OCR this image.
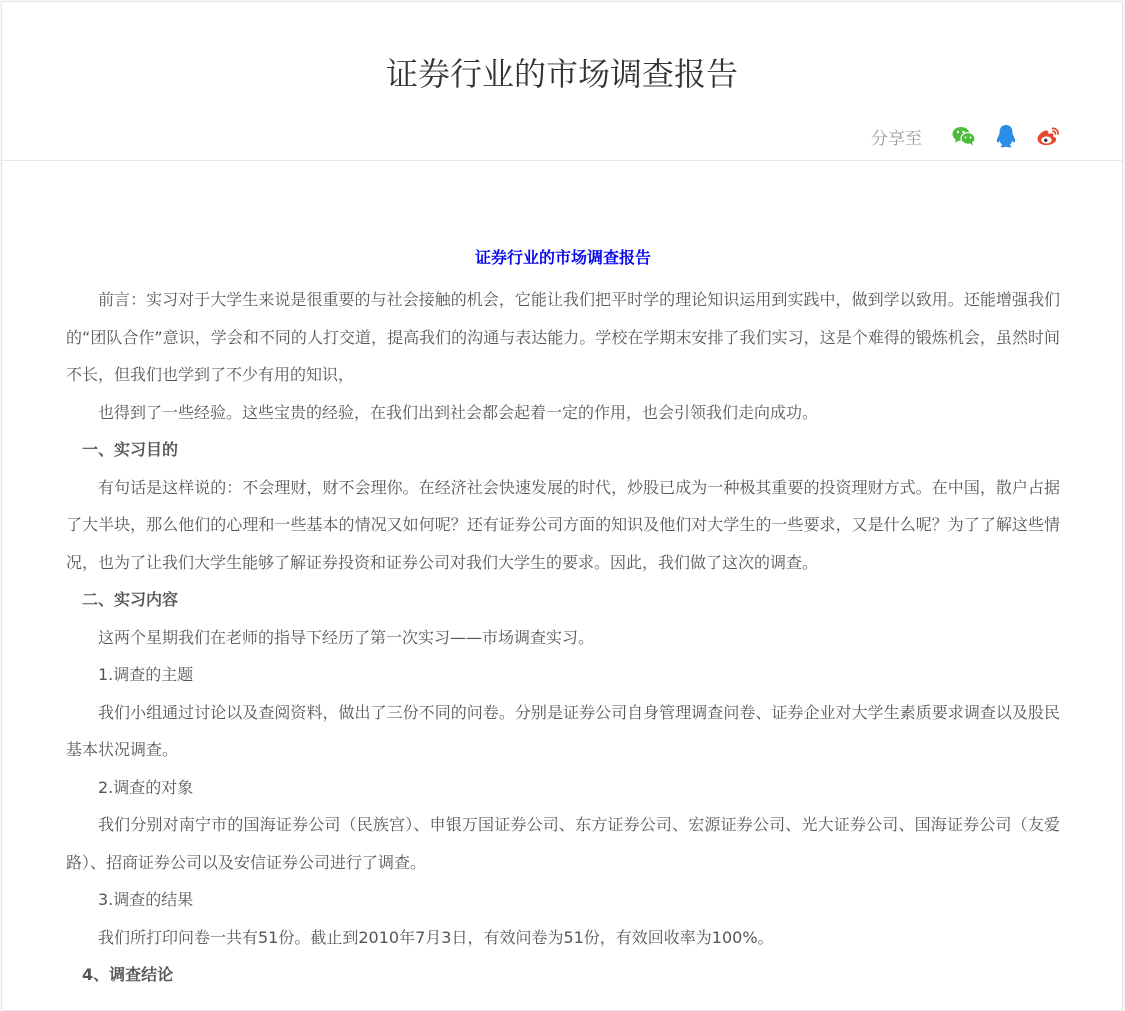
证券行业的市场调查报告
分享至
证券行业的市场调查报告

前言：实习对于大学生来说是很重要的与社会接触的机会，它能让我们把平时学的理论知识运用到实践中，做到学以致用。还能增强我们的“团队合作”意识，学会和不同的人打交道，提高我们的沟通与表达能力。学校在学期末安排了我们实习，这是个难得的锻炼机会，虽然时间不长，但我们也学到了不少有用的知识，

也得到了一些经验。这些宝贵的经验，在我们出到社会都会起着一定的作用，也会引领我们走向成功。

一、实习目的

有句话是这样说的：不会理财，财不会理你。在经济社会快速发展的时代，炒股已成为一种极其重要的投资理财方式。在中国，散户占据了大半块，那么他们的心理和一些基本的情况又如何呢？还有证券公司方面的知识及他们对大学生的一些要求，又是什么呢？为了了解这些情况，也为了让我们大学生能够了解证券投资和证券公司对我们大学生的要求。因此，我们做了这次的调查。

二、实习内容

这两个星期我们在老师的指导下经历了第一次实习——市场调查实习。

1.调查的主题

我们小组通过讨论以及查阅资料，做出了三份不同的问卷。分别是证券公司自身管理调查问卷、证券企业对大学生素质要求调查以及股民基本状况调查。

2.调查的对象

我们分别对南宁市的国海证券公司（民族宫）、申银万国证券公司、东方证券公司、宏源证券公司、光大证券公司、国海证券公司（友爱路）、招商证券公司以及安信证券公司进行了调查。

3.调查的结果

我们所打印问卷一共有51份。截止到2010年7月3日，有效问卷为51份，有效回收率为100%。

4、调查结论
